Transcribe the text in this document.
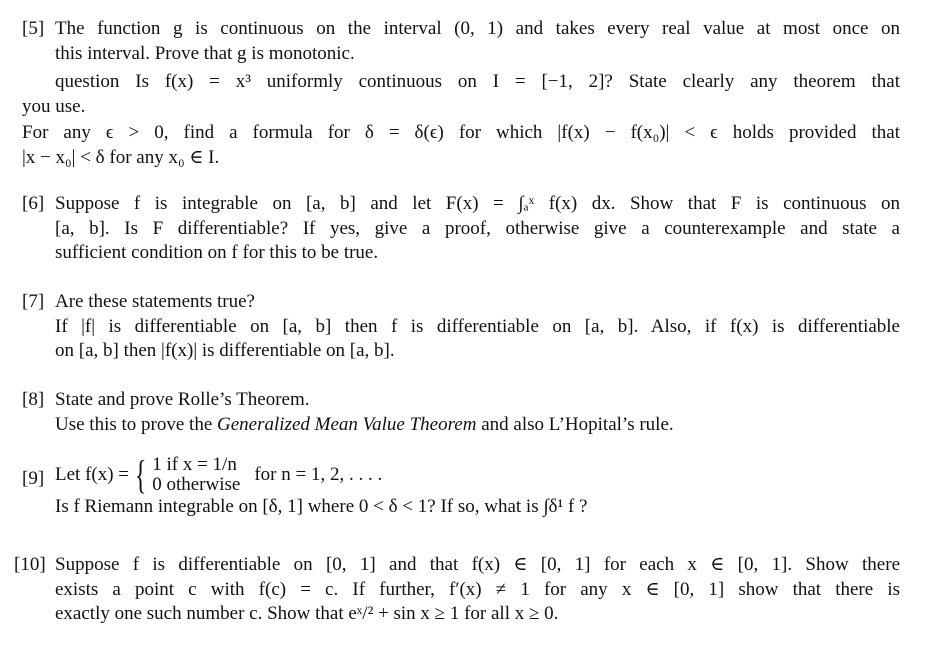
[5] The function g is continuous on the interval (0, 1) and takes every real value at most once on
this interval. Prove that g is monotonic.
question Is f(x) = x³ uniformly continuous on I = [−1, 2]? State clearly any theorem that
you use.
For any ϵ > 0, find a formula for δ = δ(ϵ) for which |f(x) − f(x₀)| < ϵ holds provided that
|x − x₀| < δ for any x₀ ∈ I.
[6] Suppose f is integrable on [a, b] and let F(x) = ∫ₐˣ f(x) dx. Show that F is continuous on
[a, b]. Is F differentiable? If yes, give a proof, otherwise give a counterexample and state a
sufficient condition on f for this to be true.
[7] Are these statements true?
If |f| is differentiable on [a, b] then f is differentiable on [a, b]. Also, if f(x) is differentiable
on [a, b] then |f(x)| is differentiable on [a, b].
[8] State and prove Rolle’s Theorem.
Use this to prove the Generalized Mean Value Theorem and also L’Hopital’s rule.
[9] Let f(x) = { 1 if x = 1/n
0 otherwise for n = 1, 2, . . . .
Is f Riemann integrable on [δ, 1] where 0 < δ < 1? If so, what is ∫δ¹ f ?
[10] Suppose f is differentiable on [0, 1] and that f(x) ∈ [0, 1] for each x ∈ [0, 1]. Show there
exists a point c with f(c) = c. If further, f′(x) ≠ 1 for any x ∈ [0, 1] show that there is
exactly one such number c. Show that eˣ/² + sin x ≥ 1 for all x ≥ 0.
